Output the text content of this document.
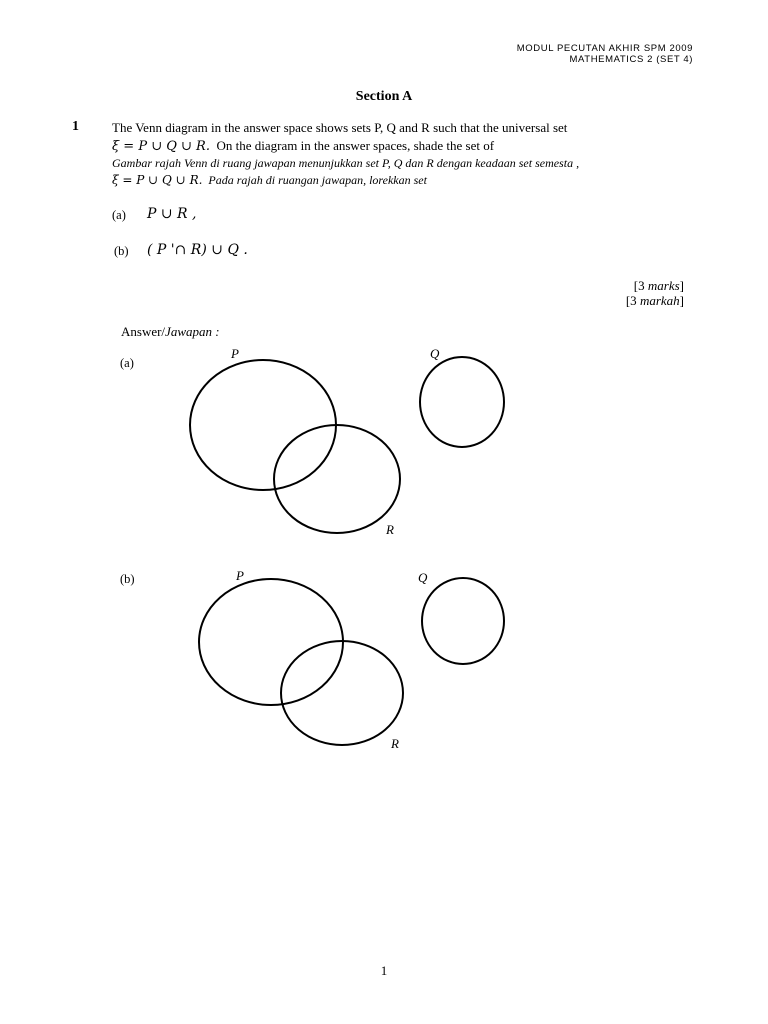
MODUL PECUTAN AKHIR SPM 2009
MATHEMATICS 2 (SET 4)
Section A
1	The Venn diagram in the answer space shows sets P, Q and R such that the universal set
ξ = P ∪ Q ∪ R. On the diagram in the answer spaces, shade the set of
Gambar rajah Venn di ruang jawapan menunjukkan set P, Q dan R dengan keadaan set semesta ,
ξ = P ∪ Q ∪ R. Pada rajah di ruangan jawapan, lorekkan set
(a) P ∪ R ,
(b) ( P '∩ R) ∪ Q .
[3 marks]
[3 markah]
Answer/Jawapan :
(a)
P	Q
R
(b)	P	Q
R
1
